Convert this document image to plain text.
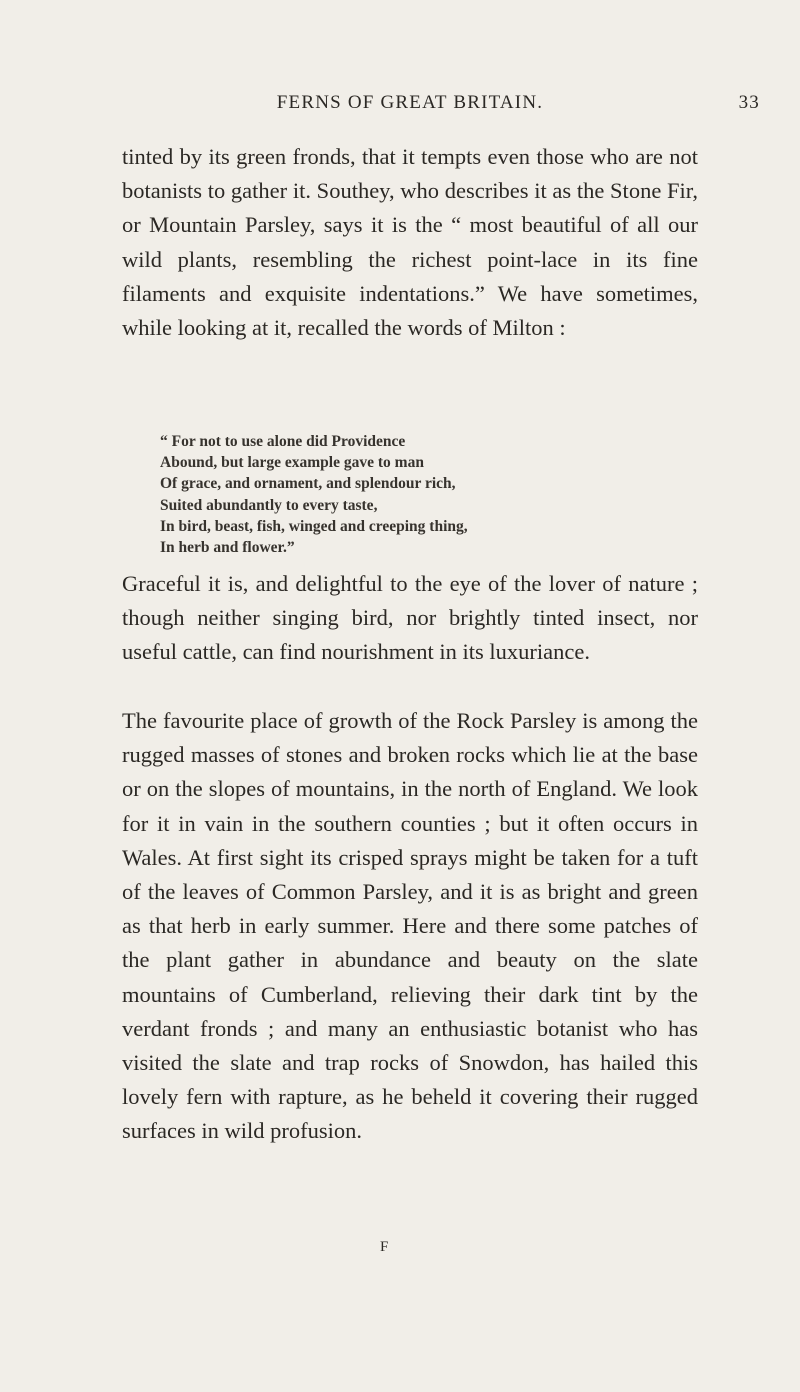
FERNS OF GREAT BRITAIN.	33

tinted by its green fronds, that it tempts even those who are not botanists to gather it. Southey, who describes it as the Stone Fir, or Mountain Parsley, says it is the “ most beautiful of all our wild plants, resembling the richest point-lace in its fine filaments and exquisite indentations.” We have sometimes, while looking at it, recalled the words of Milton :

“ For not to use alone did Providence
Abound, but large example gave to man
Of grace, and ornament, and splendour rich,
Suited abundantly to every taste,
In bird, beast, fish, winged and creeping thing,
In herb and flower.”

Graceful it is, and delightful to the eye of the lover of nature ; though neither singing bird, nor brightly tinted insect, nor useful cattle, can find nourishment in its luxuriance.

The favourite place of growth of the Rock Parsley is among the rugged masses of stones and broken rocks which lie at the base or on the slopes of mountains, in the north of England. We look for it in vain in the southern counties ; but it often occurs in Wales. At first sight its crisped sprays might be taken for a tuft of the leaves of Common Parsley, and it is as bright and green as that herb in early summer. Here and there some patches of the plant gather in abundance and beauty on the slate mountains of Cumberland, relieving their dark tint by the verdant fronds ; and many an enthusiastic botanist who has visited the slate and trap rocks of Snowdon, has hailed this lovely fern with rapture, as he beheld it covering their rugged surfaces in wild profusion.

F
